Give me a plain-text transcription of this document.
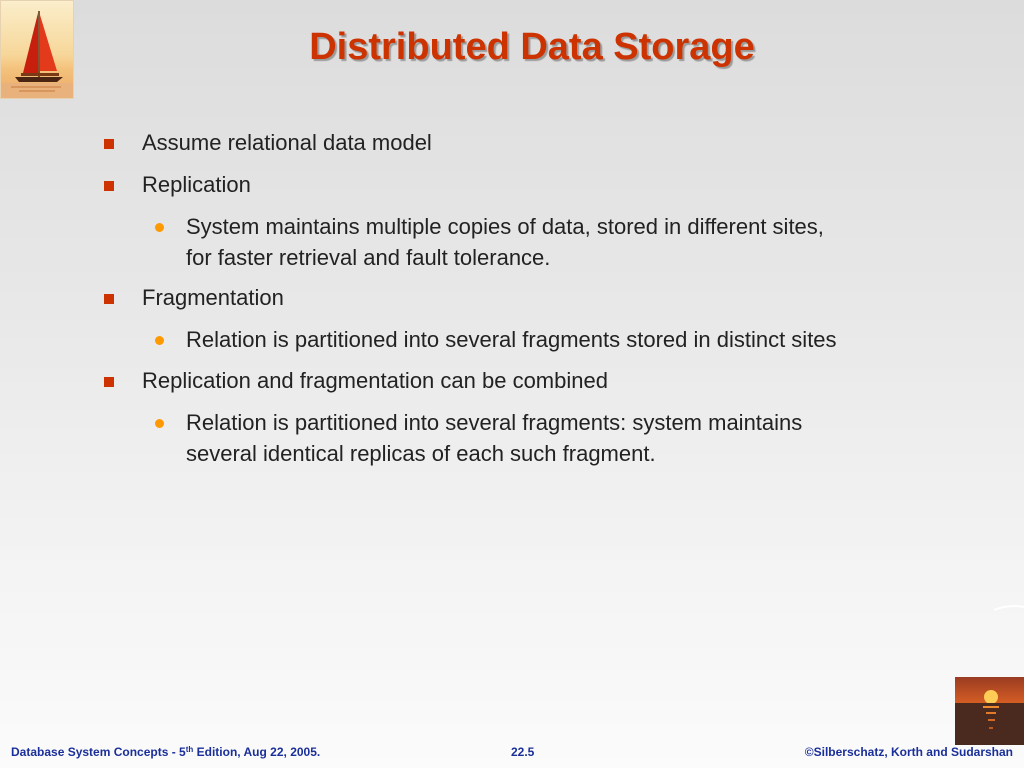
Distributed Data Storage
Assume relational data model
Replication
System maintains multiple copies of data, stored in different sites,
for faster retrieval and fault tolerance.
Fragmentation
Relation is partitioned into several fragments stored in distinct sites
Replication and fragmentation can be combined
Relation is partitioned into several fragments: system maintains
several identical replicas of each such fragment.
Database System Concepts - 5th Edition, Aug 22, 2005.	22.5	©Silberschatz, Korth and Sudarshan
